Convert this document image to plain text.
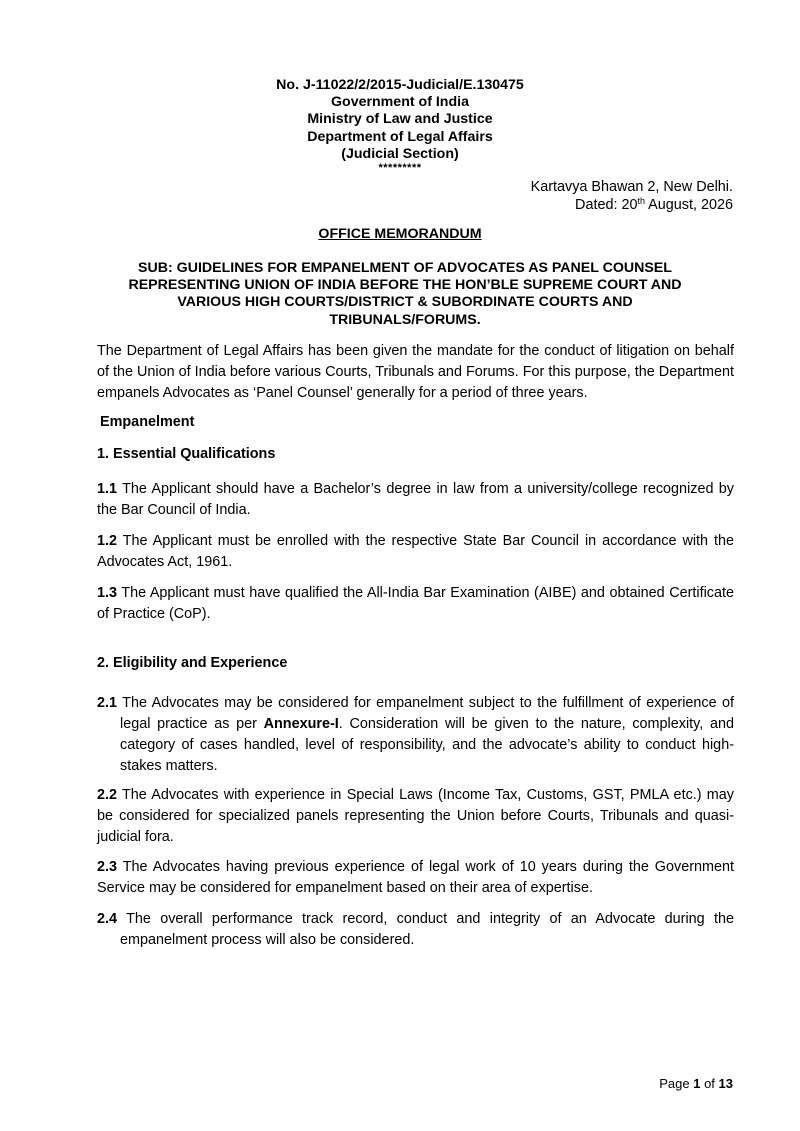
No. J-11022/2/2015-Judicial/E.130475
Government of India
Ministry of Law and Justice
Department of Legal Affairs
(Judicial Section)
*********
Kartavya Bhawan 2, New Delhi.
Dated: 20th August, 2026
OFFICE MEMORANDUM
SUB: GUIDELINES FOR EMPANELMENT OF ADVOCATES AS PANEL COUNSEL REPRESENTING UNION OF INDIA BEFORE THE HON’BLE SUPREME COURT AND VARIOUS HIGH COURTS/DISTRICT & SUBORDINATE COURTS AND TRIBUNALS/FORUMS.
The Department of Legal Affairs has been given the mandate for the conduct of litigation on behalf of the Union of India before various Courts, Tribunals and Forums. For this purpose, the Department empanels Advocates as ‘Panel Counsel’ generally for a period of three years.
Empanelment
1. Essential Qualifications
1.1 The Applicant should have a Bachelor’s degree in law from a university/college recognized by the Bar Council of India.
1.2 The Applicant must be enrolled with the respective State Bar Council in accordance with the Advocates Act, 1961.
1.3 The Applicant must have qualified the All-India Bar Examination (AIBE) and obtained Certificate of Practice (CoP).
2. Eligibility and Experience
2.1 The Advocates may be considered for empanelment subject to the fulfillment of experience of legal practice as per Annexure-I. Consideration will be given to the nature, complexity, and category of cases handled, level of responsibility, and the advocate’s ability to conduct high-stakes matters.
2.2 The Advocates with experience in Special Laws (Income Tax, Customs, GST, PMLA etc.) may be considered for specialized panels representing the Union before Courts, Tribunals and quasi-judicial fora.
2.3 The Advocates having previous experience of legal work of 10 years during the Government Service may be considered for empanelment based on their area of expertise.
2.4 The overall performance track record, conduct and integrity of an Advocate during the empanelment process will also be considered.
Page 1 of 13
